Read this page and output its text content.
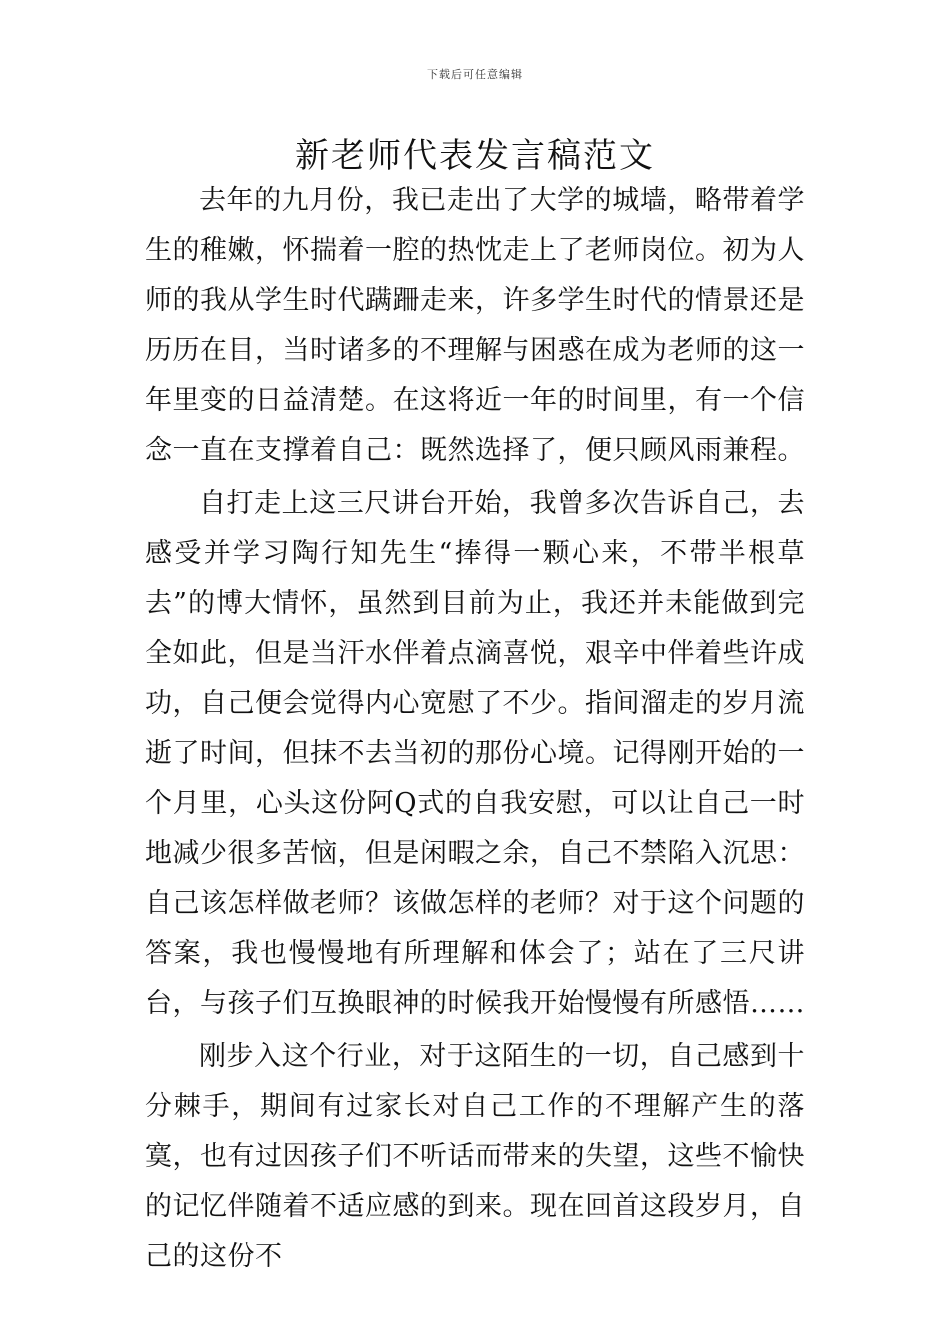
下载后可任意编辑
新老师代表发言稿范文

去年的九月份，我已走出了大学的城墙，略带着学生的稚嫩，怀揣着一腔的热忱走上了老师岗位。初为人师的我从学生时代蹒跚走来，许多学生时代的情景还是历历在目，当时诸多的不理解与困惑在成为老师的这一年里变的日益清楚。在这将近一年的时间里，有一个信念一直在支撑着自己：既然选择了，便只顾风雨兼程。

自打走上这三尺讲台开始，我曾多次告诉自己，去感受并学习陶行知先生“捧得一颗心来，不带半根草去”的博大情怀，虽然到目前为止，我还并未能做到完全如此，但是当汗水伴着点滴喜悦，艰辛中伴着些许成功，自己便会觉得内心宽慰了不少。指间溜走的岁月流逝了时间，但抹不去当初的那份心境。记得刚开始的一个月里，心头这份阿Q式的自我安慰，可以让自己一时地减少很多苦恼，但是闲暇之余，自己不禁陷入沉思：自己该怎样做老师？该做怎样的老师？对于这个问题的答案，我也慢慢地有所理解和体会了；站在了三尺讲台，与孩子们互换眼神的时候我开始慢慢有所感悟……

刚步入这个行业，对于这陌生的一切，自己感到十分棘手，期间有过家长对自己工作的不理解产生的落寞，也有过因孩子们不听话而带来的失望，这些不愉快的记忆伴随着不适应感的到来。现在回首这段岁月，自己的这份不
